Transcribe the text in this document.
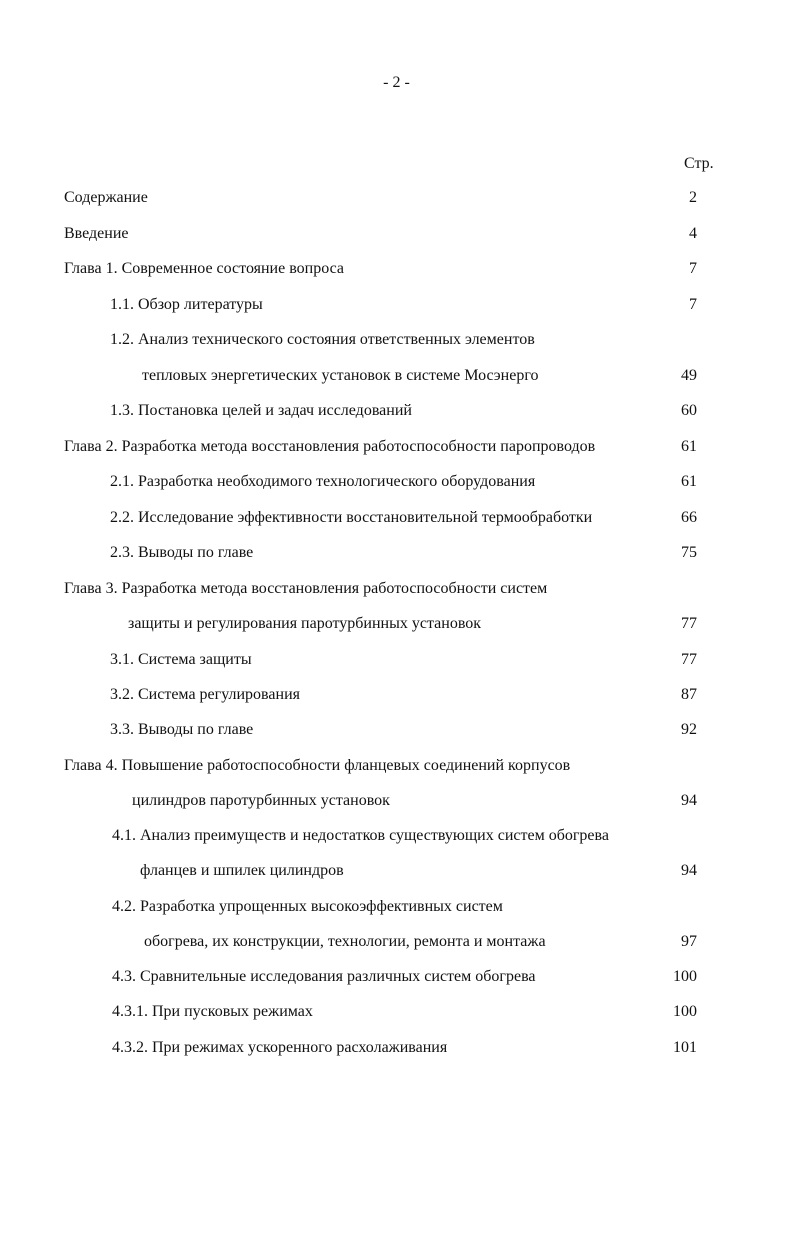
- 2 -
Стр.
Содержание	2
Введение	4
Глава 1. Современное состояние вопроса	7
1.1. Обзор литературы	7
1.2. Анализ технического состояния ответственных элементов
тепловых энергетических установок в системе Мосэнерго	49
1.3. Постановка целей и задач исследований	60
Глава 2. Разработка метода восстановления работоспособности паропроводов	61
2.1. Разработка необходимого технологического оборудования	61
2.2. Исследование эффективности восстановительной термообработки	66
2.3. Выводы по главе	75
Глава 3. Разработка метода восстановления работоспособности систем
защиты и регулирования паротурбинных установок	77
3.1. Система защиты	77
3.2. Система регулирования	87
3.3. Выводы по главе	92
Глава 4. Повышение работоспособности фланцевых соединений корпусов
цилиндров паротурбинных установок	94
4.1. Анализ преимуществ и недостатков существующих систем обогрева
фланцев и шпилек цилиндров	94
4.2. Разработка упрощенных высокоэффективных систем
обогрева, их конструкции, технологии, ремонта и монтажа	97
4.3. Сравнительные исследования различных систем обогрева	100
4.3.1. При пусковых режимах	100
4.3.2. При режимах ускоренного расхолаживания	101
